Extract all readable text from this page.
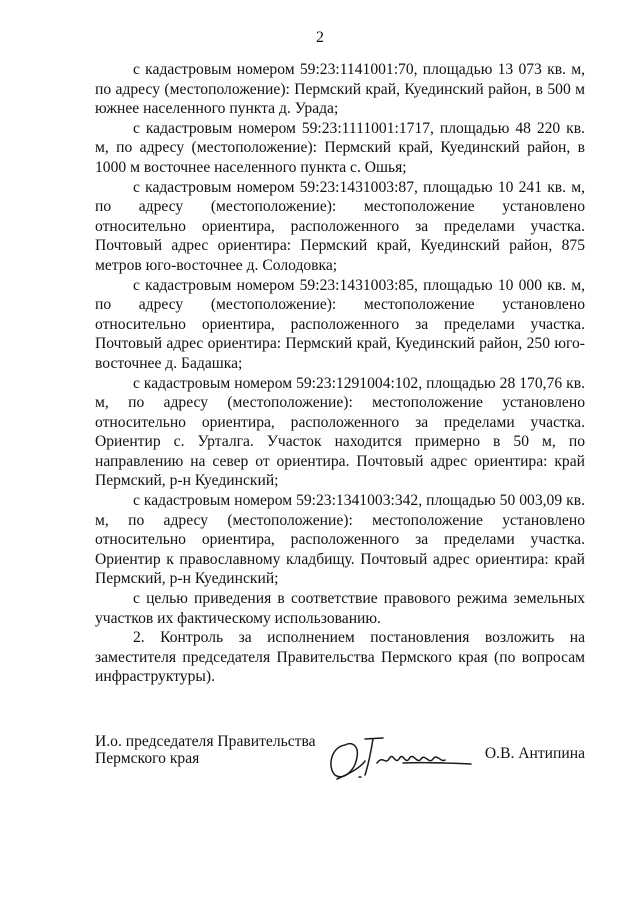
2

с кадастровым номером 59:23:1141001:70, площадью 13 073 кв. м, по адресу (местоположение): Пермский край, Куединский район, в 500 м южнее населенного пункта д. Урада;

с кадастровым номером 59:23:1111001:1717, площадью 48 220 кв. м, по адресу (местоположение): Пермский край, Куединский район, в 1000 м восточнее населенного пункта с. Ошья;

с кадастровым номером 59:23:1431003:87, площадью 10 241 кв. м, по адресу (местоположение): местоположение установлено относительно ориентира, расположенного за пределами участка. Почтовый адрес ориентира: Пермский край, Куединский район, 875 метров юго-восточнее д. Солодовка;

с кадастровым номером 59:23:1431003:85, площадью 10 000 кв. м, по адресу (местоположение): местоположение установлено относительно ориентира, расположенного за пределами участка. Почтовый адрес ориентира: Пермский край, Куединский район, 250 юго-восточнее д. Бадашка;

с кадастровым номером 59:23:1291004:102, площадью 28 170,76 кв. м, по адресу (местоположение): местоположение установлено относительно ориентира, расположенного за пределами участка. Ориентир с. Урталга. Участок находится примерно в 50 м, по направлению на север от ориентира. Почтовый адрес ориентира: край Пермский, р-н Куединский;

с кадастровым номером 59:23:1341003:342, площадью 50 003,09 кв. м, по адресу (местоположение): местоположение установлено относительно ориентира, расположенного за пределами участка. Ориентир к православному кладбищу. Почтовый адрес ориентира: край Пермский, р-н Куединский;

с целью приведения в соответствие правового режима земельных участков их фактическому использованию.

2. Контроль за исполнением постановления возложить на заместителя председателя Правительства Пермского края (по вопросам инфраструктуры).

И.о. председателя Правительства
Пермского края	О.В. Антипина
